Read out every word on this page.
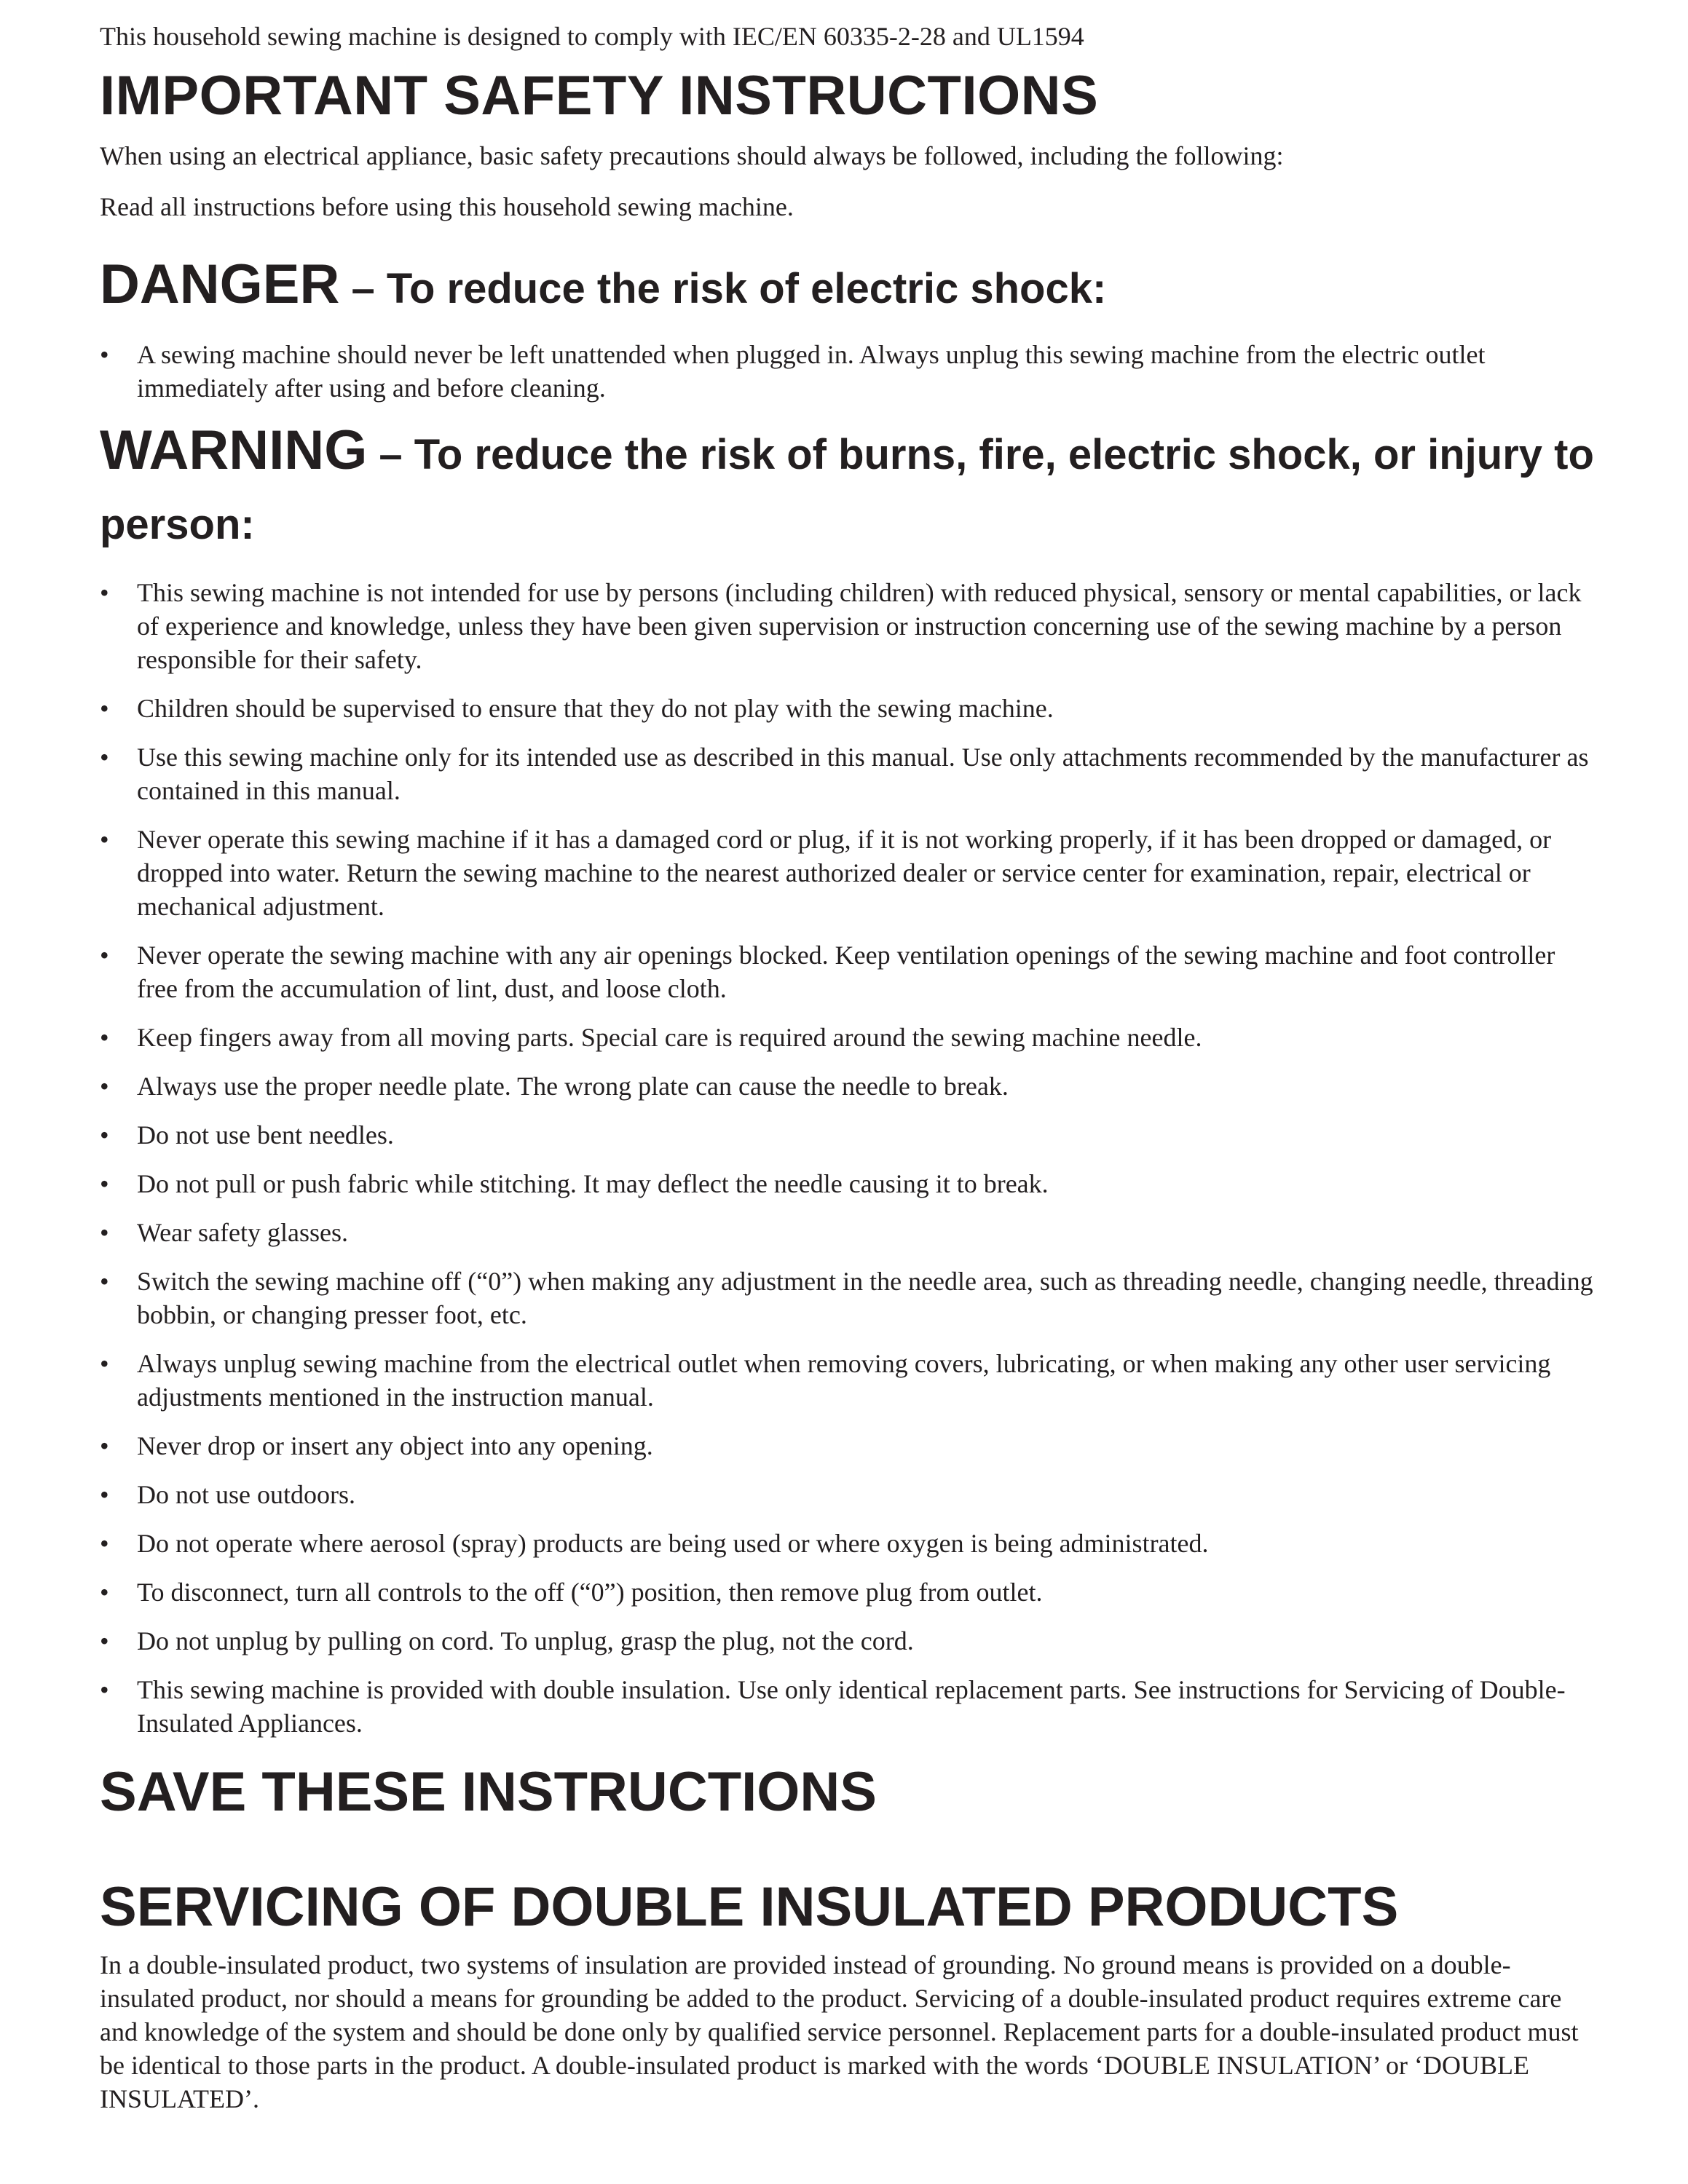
This household sewing machine is designed to comply with IEC/EN 60335-2-28 and UL1594

IMPORTANT SAFETY INSTRUCTIONS

When using an electrical appliance, basic safety precautions should always be followed, including the following:

Read all instructions before using this household sewing machine.

DANGER – To reduce the risk of electric shock:
• A sewing machine should never be left unattended when plugged in. Always unplug this sewing machine from the electric outlet immediately after using and before cleaning.
WARNING – To reduce the risk of burns, fire, electric shock, or injury to person:
• This sewing machine is not intended for use by persons (including children) with reduced physical, sensory or mental capabilities, or lack of experience and knowledge, unless they have been given supervision or instruction concerning use of the sewing machine by a person responsible for their safety.
• Children should be supervised to ensure that they do not play with the sewing machine.
• Use this sewing machine only for its intended use as described in this manual. Use only attachments recommended by the manufacturer as contained in this manual.
• Never operate this sewing machine if it has a damaged cord or plug, if it is not working properly, if it has been dropped or damaged, or dropped into water. Return the sewing machine to the nearest authorized dealer or service center for examination, repair, electrical or mechanical adjustment.
• Never operate the sewing machine with any air openings blocked. Keep ventilation openings of the sewing machine and foot controller free from the accumulation of lint, dust, and loose cloth.
• Keep fingers away from all moving parts. Special care is required around the sewing machine needle.
• Always use the proper needle plate. The wrong plate can cause the needle to break.
• Do not use bent needles.
• Do not pull or push fabric while stitching. It may deflect the needle causing it to break.
• Wear safety glasses.
• Switch the sewing machine off (“0”) when making any adjustment in the needle area, such as threading needle, changing needle, threading bobbin, or changing presser foot, etc.
• Always unplug sewing machine from the electrical outlet when removing covers, lubricating, or when making any other user servicing adjustments mentioned in the instruction manual.
• Never drop or insert any object into any opening.
• Do not use outdoors.
• Do not operate where aerosol (spray) products are being used or where oxygen is being administrated.
• To disconnect, turn all controls to the off (“0”) position, then remove plug from outlet.
• Do not unplug by pulling on cord. To unplug, grasp the plug, not the cord.
• This sewing machine is provided with double insulation. Use only identical replacement parts. See instructions for Servicing of Double-Insulated Appliances.
SAVE THESE INSTRUCTIONS
SERVICING OF DOUBLE INSULATED PRODUCTS

In a double-insulated product, two systems of insulation are provided instead of grounding. No ground means is provided on a double-insulated product, nor should a means for grounding be added to the product. Servicing of a double-insulated product requires extreme care and knowledge of the system and should be done only by qualified service personnel. Replacement parts for a double-insulated product must be identical to those parts in the product. A double-insulated product is marked with the words ‘DOUBLE INSULATION’ or ‘DOUBLE INSULATED’.
